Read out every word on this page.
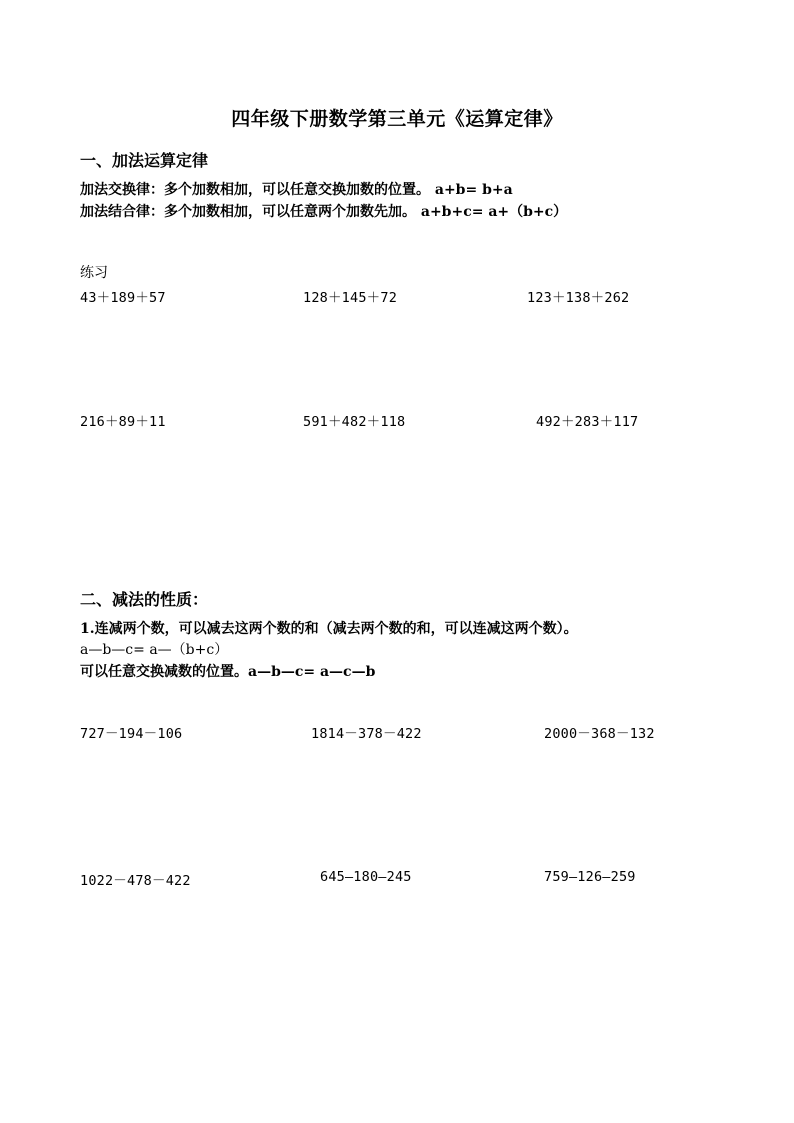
四年级下册数学第三单元《运算定律》
一、加法运算定律
加法交换律：多个加数相加，可以任意交换加数的位置。 a+b= b+a
加法结合律：多个加数相加，可以任意两个加数先加。 a+b+c= a+（b+c）
练习
43＋189＋57	128＋145＋72	123＋138＋262
216＋89＋11	591＋482＋118	492＋283＋117
二、减法的性质：
1.连减两个数，可以减去这两个数的和（减去两个数的和，可以连减这两个数）。
a—b—c= a—（b+c）
可以任意交换减数的位置。a—b—c= a—c—b
727－194－106	1814－378－422	2000－368－132
1022－478－422	645—180—245	759—126—259
